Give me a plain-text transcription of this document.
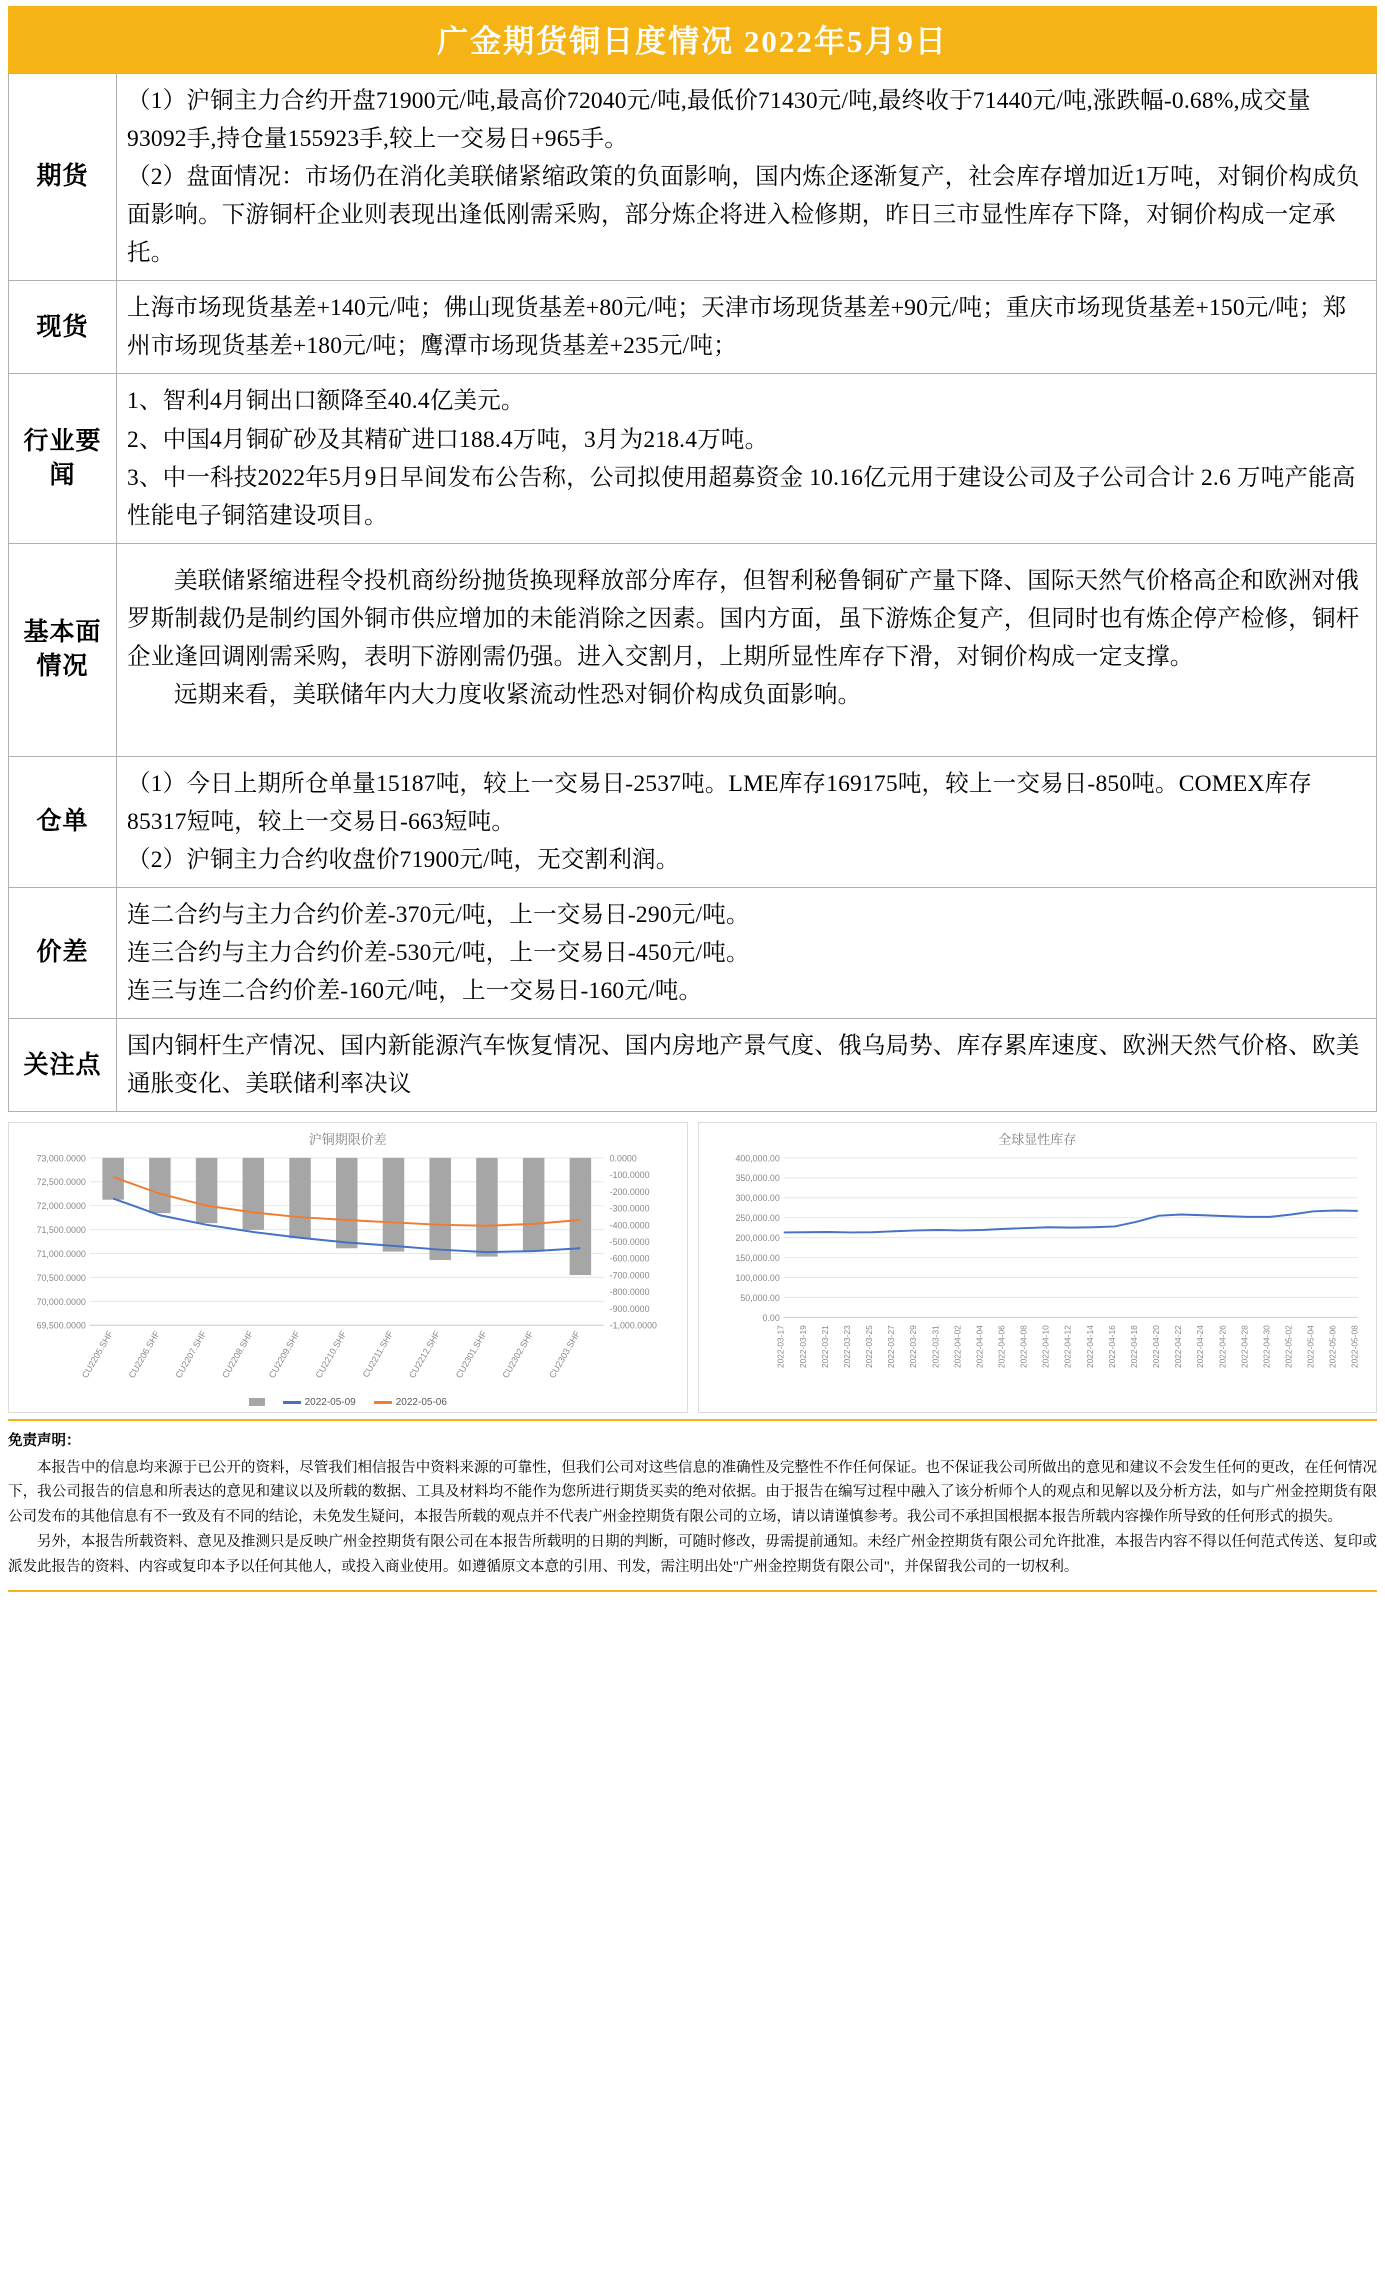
广金期货铜日度情况 2022年5月9日
期货	（1）沪铜主力合约开盘71900元/吨,最高价72040元/吨,最低价71430元/吨,最终收于71440元/吨,涨跌幅-0.68%,成交量93092手,持仓量155923手,较上一交易日+965手。

（2）盘面情况：市场仍在消化美联储紧缩政策的负面影响，国内炼企逐渐复产，社会库存增加近1万吨，对铜价构成负面影响。下游铜杆企业则表现出逢低刚需采购，部分炼企将进入检修期，昨日三市显性库存下降，对铜价构成一定承托。

现货	上海市场现货基差+140元/吨；佛山现货基差+80元/吨；天津市场现货基差+90元/吨；重庆市场现货基差+150元/吨；郑州市场现货基差+180元/吨；鹰潭市场现货基差+235元/吨；

行业要闻	1、智利4月铜出口额降至40.4亿美元。

2、中国4月铜矿砂及其精矿进口188.4万吨，3月为218.4万吨。

3、中一科技2022年5月9日早间发布公告称，公司拟使用超募资金 10.16亿元用于建设公司及子公司合计 2.6 万吨产能高性能电子铜箔建设项目。

基本面情况	美联储紧缩进程令投机商纷纷抛货换现释放部分库存，但智利秘鲁铜矿产量下降、国际天然气价格高企和欧洲对俄罗斯制裁仍是制约国外铜市供应增加的未能消除之因素。国内方面，虽下游炼企复产，但同时也有炼企停产检修，铜杆企业逢回调刚需采购，表明下游刚需仍强。进入交割月，上期所显性库存下滑，对铜价构成一定支撑。

远期来看，美联储年内大力度收紧流动性恐对铜价构成负面影响。

仓单	（1）今日上期所仓单量15187吨，较上一交易日-2537吨。LME库存169175吨，较上一交易日-850吨。COMEX库存85317短吨，较上一交易日-663短吨。

（2）沪铜主力合约收盘价71900元/吨，无交割利润。

价差	连二合约与主力合约价差-370元/吨，上一交易日-290元/吨。

连三合约与主力合约价差-530元/吨，上一交易日-450元/吨。

连三与连二合约价差-160元/吨，上一交易日-160元/吨。

关注点	国内铜杆生产情况、国内新能源汽车恢复情况、国内房地产景气度、俄乌局势、库存累库速度、欧洲天然气价格、欧美通胀变化、美联储利率决议

沪铜期限价差
73,000.0000
72,500.0000
72,000.0000
71,500.0000
71,000.0000
70,500.0000
70,000.0000
69,500.0000
0.0000
-100.0000
-200.0000
-300.0000
-400.0000
-500.0000
-600.0000
-700.0000
-800.0000
-900.0000
-1,000.0000
CU2205.SHF CU2206.SHF CU2207.SHF CU2208.SHF CU2209.SHF CU2210.SHF CU2211.SHF CU2212.SHF CU2301.SHF CU2302.SHF CU2303.SHF
2022-05-09	2022-05-06
全球显性库存
400,000.00
350,000.00
300,000.00
250,000.00
200,000.00
150,000.00
100,000.00
50,000.00
0.00
2022-03-17 2022-03-19 2022-03-21 2022-03-23 2022-03-25 2022-03-27 2022-03-29 2022-03-31 2022-04-02 2022-04-04 2022-04-06 2022-04-08 2022-04-10 2022-04-12 2022-04-14 2022-04-16 2022-04-18 2022-04-20 2022-04-22 2022-04-24 2022-04-26 2022-04-28 2022-04-30 2022-05-02 2022-05-04 2022-05-06 2022-05-08
免责声明：

本报告中的信息均来源于已公开的资料，尽管我们相信报告中资料来源的可靠性，但我们公司对这些信息的准确性及完整性不作任何保证。也不保证我公司所做出的意见和建议不会发生任何的更改，在任何情况下，我公司报告的信息和所表达的意见和建议以及所载的数据、工具及材料均不能作为您所进行期货买卖的绝对依据。由于报告在编写过程中融入了该分析师个人的观点和见解以及分析方法，如与广州金控期货有限公司发布的其他信息有不一致及有不同的结论，未免发生疑问，本报告所载的观点并不代表广州金控期货有限公司的立场，请以请谨慎参考。我公司不承担国根据本报告所载内容操作所导致的任何形式的损失。

另外，本报告所载资料、意见及推测只是反映广州金控期货有限公司在本报告所载明的日期的判断，可随时修改，毋需提前通知。未经广州金控期货有限公司允许批准，本报告内容不得以任何范式传送、复印或派发此报告的资料、内容或复印本予以任何其他人，或投入商业使用。如遵循原文本意的引用、刊发，需注明出处"广州金控期货有限公司"，并保留我公司的一切权利。
